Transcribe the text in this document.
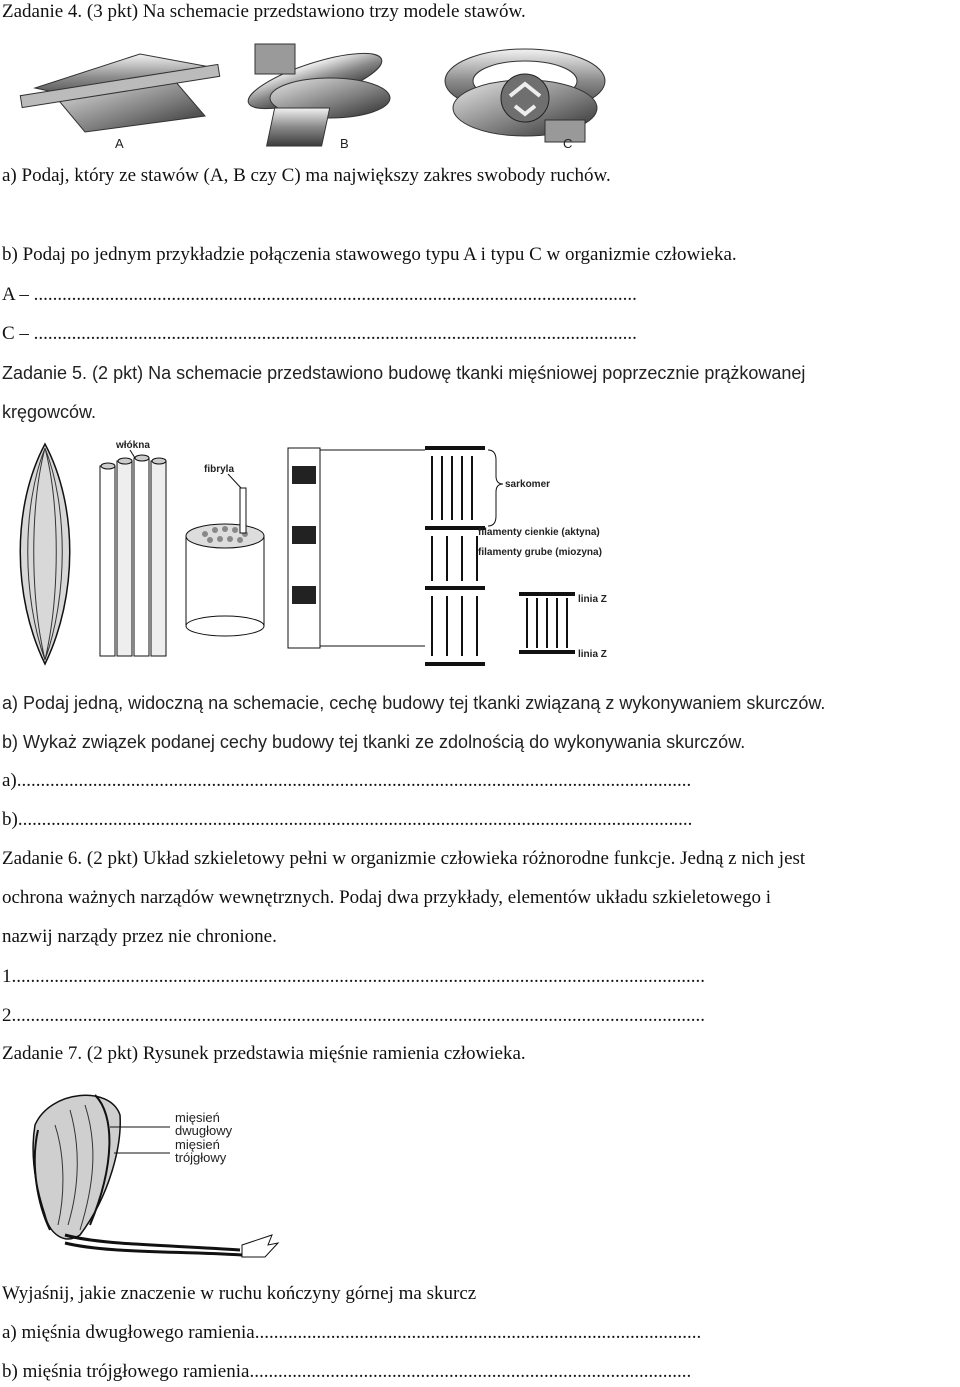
Zadanie 4. (3 pkt) Na schemacie przedstawiono trzy modele stawów.
A	B	C
a) Podaj, który ze stawów (A, B czy C) ma największy zakres swobody ruchów.
b) Podaj po jednym przykładzie połączenia stawowego typu A i typu C w organizmie człowieka.
A – ...............................................................................................................................
C – ...............................................................................................................................
Zadanie 5. (2 pkt) Na schemacie przedstawiono budowę tkanki mięśniowej poprzecznie prążkowanej
kręgowców.
włókna
fibryla
sarkomer
filamenty cienkie (aktyna)
filamenty grube (miozyna)
linia Z
linia Z
a) Podaj jedną, widoczną na schemacie, cechę budowy tej tkanki związaną z wykonywaniem skurczów.
b) Wykaż związek podanej cechy budowy tej tkanki ze zdolnością do wykonywania skurczów.
a)..............................................................................................................................................
b)..............................................................................................................................................
Zadanie 6. (2 pkt) Układ szkieletowy pełni w organizmie człowieka różnorodne funkcje. Jedną z nich jest
ochrona ważnych narządów wewnętrznych. Podaj dwa przykłady, elementów układu szkieletowego i
nazwij narządy przez nie chronione.
1..................................................................................................................................................
2..................................................................................................................................................
Zadanie 7. (2 pkt) Rysunek przedstawia mięśnie ramienia człowieka.
mięsień
dwugłowy
mięsień
trójgłowy
Wyjaśnij, jakie znaczenie w ruchu kończyny górnej ma skurcz
a) mięśnia dwugłowego ramienia..............................................................................................
b) mięśnia trójgłowego ramienia.............................................................................................
